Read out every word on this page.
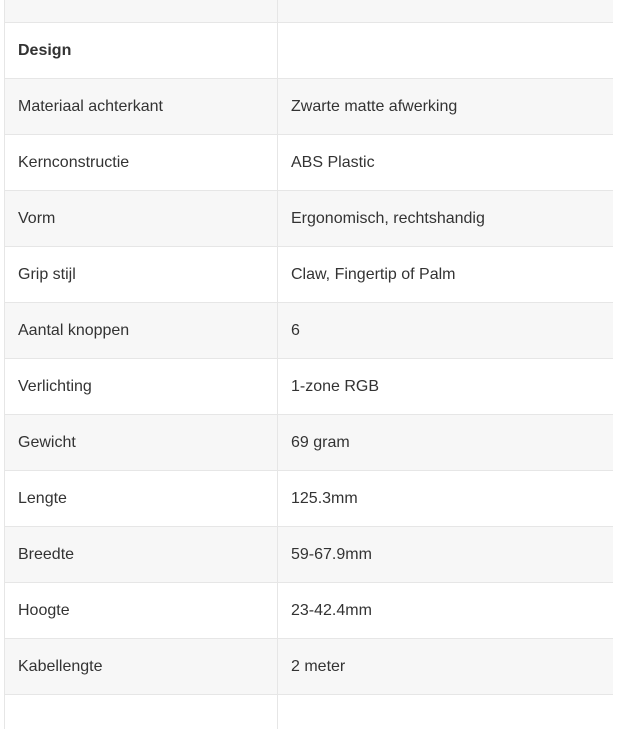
Design	
Materiaal achterkant	Zwarte matte afwerking
Kernconstructie	ABS Plastic
Vorm	Ergonomisch, rechtshandig
Grip stijl	Claw, Fingertip of Palm
Aantal knoppen	6
Verlichting	1-zone RGB
Gewicht	69 gram
Lengte	125.3mm
Breedte	59-67.9mm
Hoogte	23-42.4mm
Kabellengte	2 meter
